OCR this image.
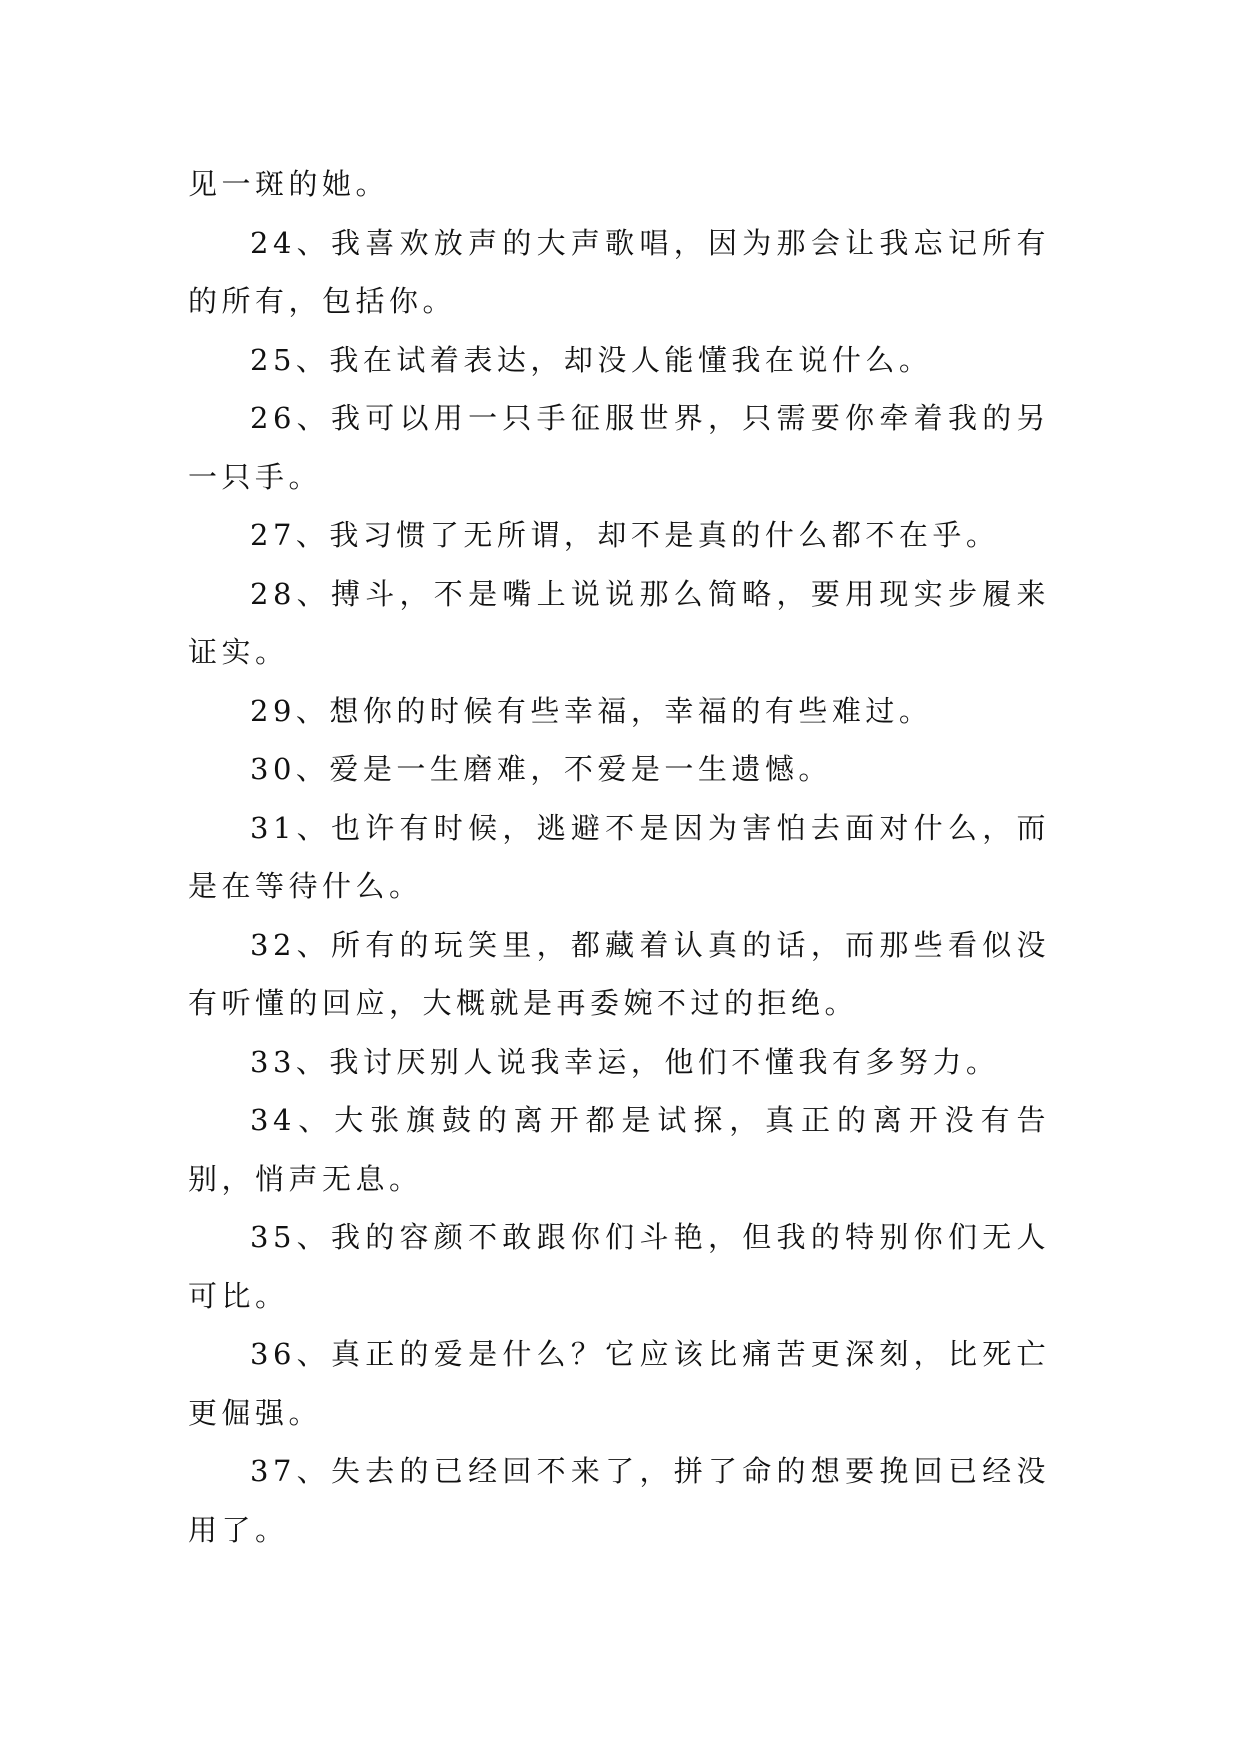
见一斑的她。

24、我喜欢放声的大声歌唱，因为那会让我忘记所有的所有，包括你。

25、我在试着表达，却没人能懂我在说什么。

26、我可以用一只手征服世界，只需要你牵着我的另一只手。

27、我习惯了无所谓，却不是真的什么都不在乎。

28、搏斗，不是嘴上说说那么简略，要用现实步履来证实。

29、想你的时候有些幸福，幸福的有些难过。

30、爱是一生磨难，不爱是一生遗憾。

31、也许有时候，逃避不是因为害怕去面对什么，而是在等待什么。

32、所有的玩笑里，都藏着认真的话，而那些看似没有听懂的回应，大概就是再委婉不过的拒绝。

33、我讨厌别人说我幸运，他们不懂我有多努力。

34、大张旗鼓的离开都是试探，真正的离开没有告别，悄声无息。

35、我的容颜不敢跟你们斗艳，但我的特别你们无人可比。

36、真正的爱是什么？它应该比痛苦更深刻，比死亡更倔强。

37、失去的已经回不来了，拼了命的想要挽回已经没用了。
